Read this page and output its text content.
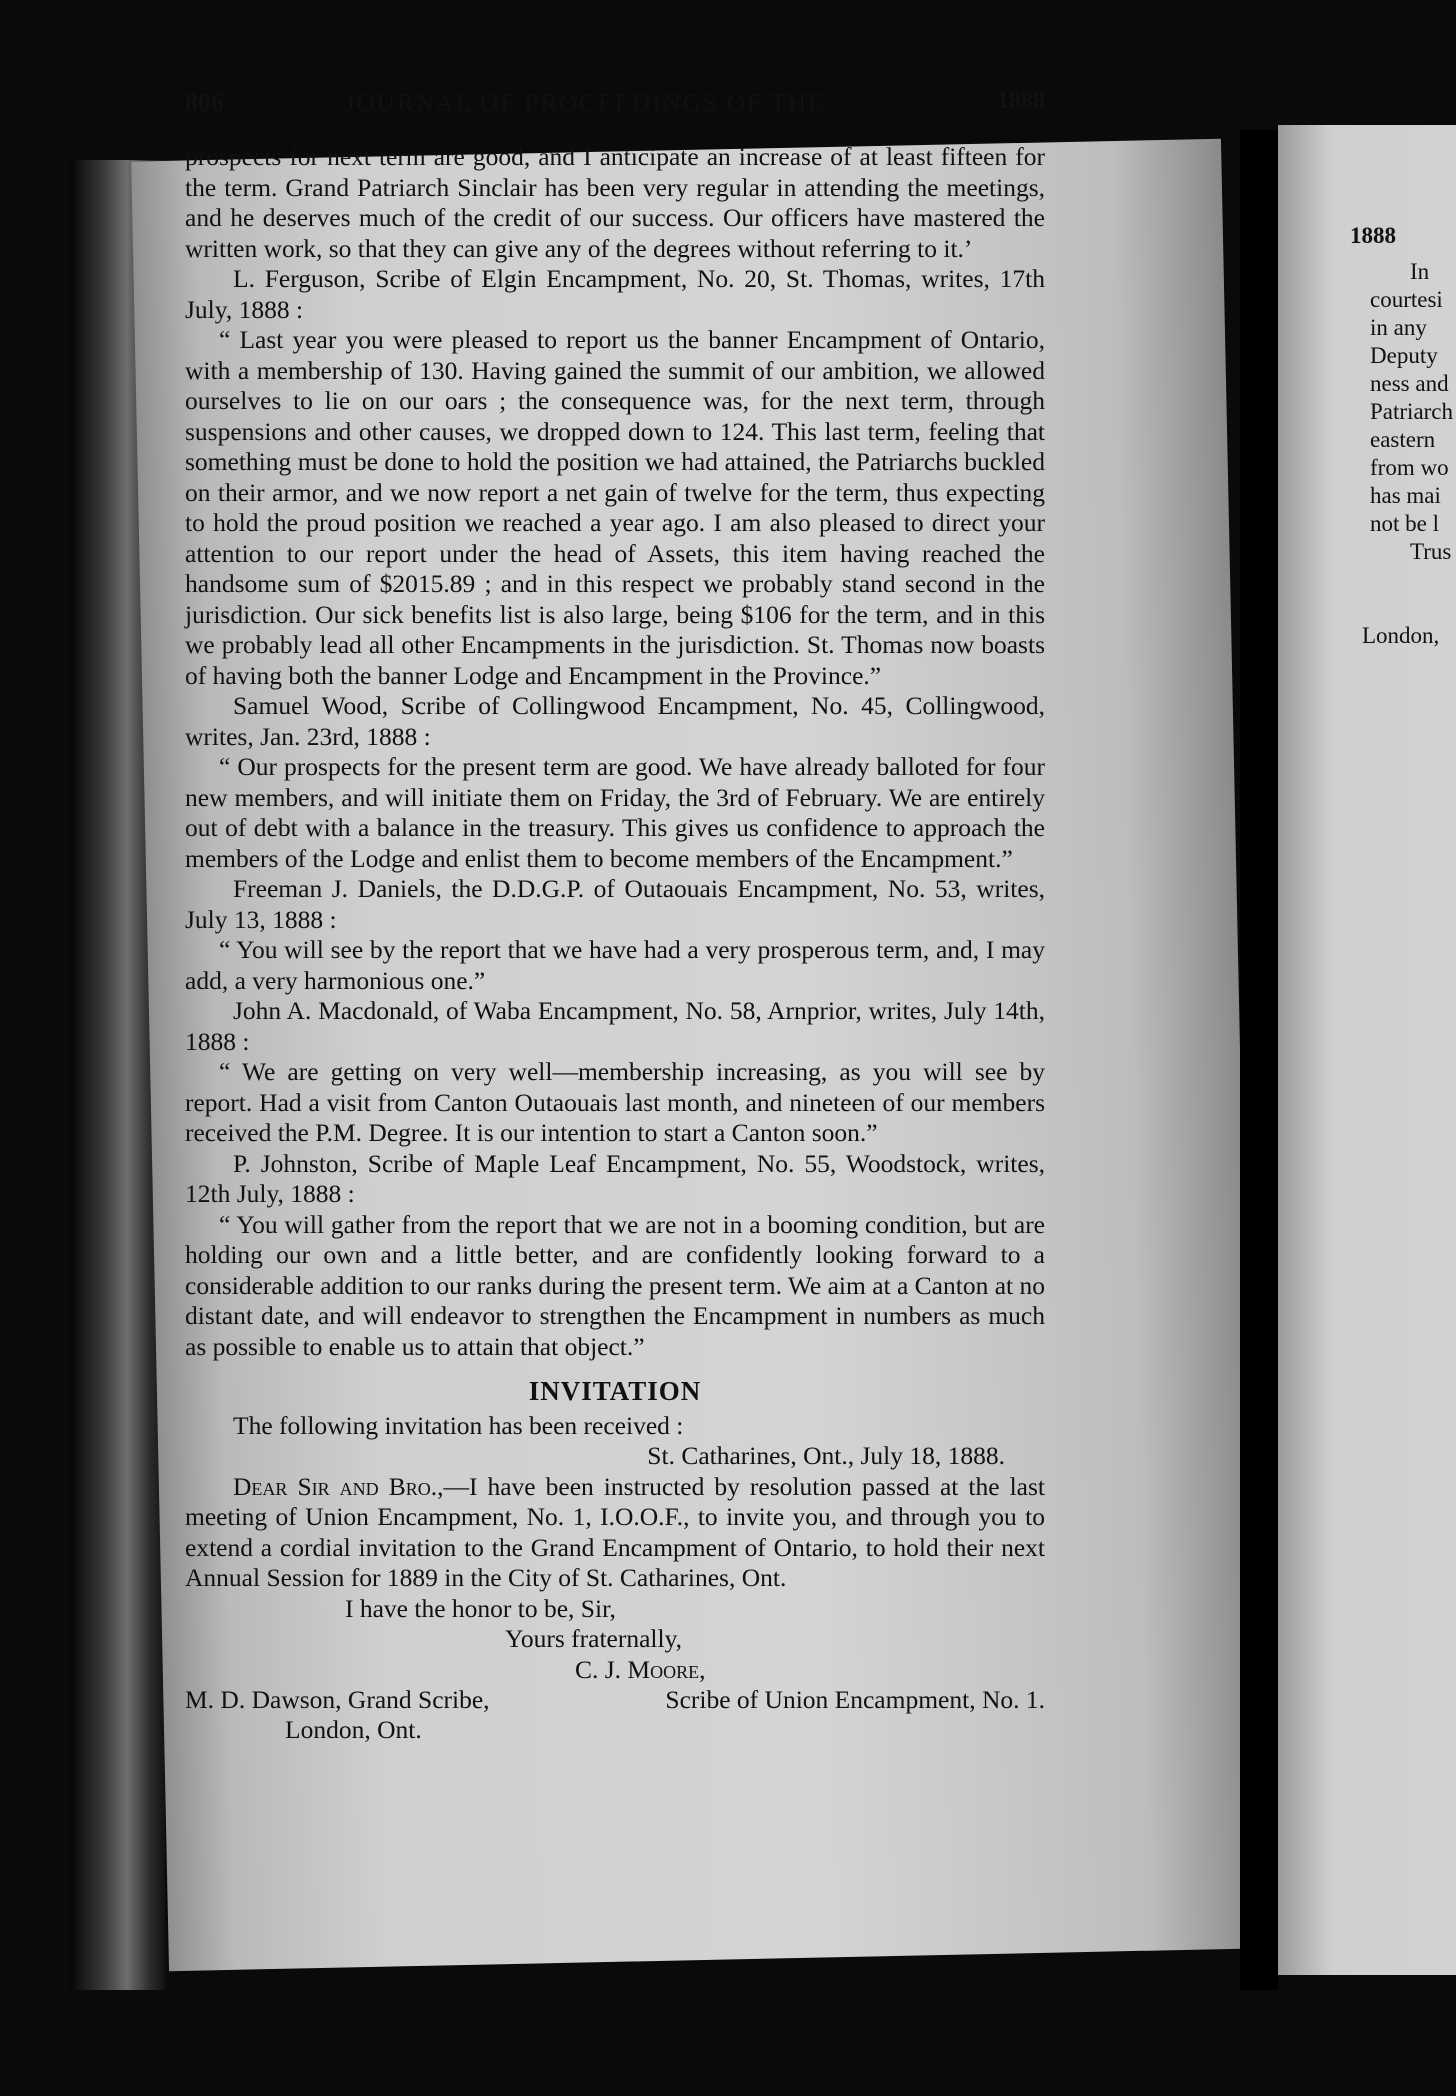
806	JOURNAL OF PROCEEDINGS OF THE	1888

prospects for next term are good, and I anticipate an increase of at least fifteen for the term. Grand Patriarch Sinclair has been very regular in attending the meetings, and he deserves much of the credit of our success. Our officers have mastered the written work, so that they can give any of the degrees without referring to it.’

L. Ferguson, Scribe of Elgin Encampment, No. 20, St. Thomas, writes, 17th July, 1888 :

“ Last year you were pleased to report us the banner Encampment of Ontario, with a membership of 130. Having gained the summit of our ambition, we allowed ourselves to lie on our oars ; the consequence was, for the next term, through suspensions and other causes, we dropped down to 124. This last term, feeling that something must be done to hold the position we had attained, the Patriarchs buckled on their armor, and we now report a net gain of twelve for the term, thus expecting to hold the proud position we reached a year ago. I am also pleased to direct your attention to our report under the head of Assets, this item having reached the handsome sum of $2015.89 ; and in this respect we probably stand second in the jurisdiction. Our sick benefits list is also large, being $106 for the term, and in this we probably lead all other Encampments in the jurisdiction. St. Thomas now boasts of having both the banner Lodge and Encampment in the Province.”

Samuel Wood, Scribe of Collingwood Encampment, No. 45, Collingwood, writes, Jan. 23rd, 1888 :

“ Our prospects for the present term are good. We have already balloted for four new members, and will initiate them on Friday, the 3rd of February. We are entirely out of debt with a balance in the treasury. This gives us confidence to approach the members of the Lodge and enlist them to become members of the Encampment.”

Freeman J. Daniels, the D.D.G.P. of Outaouais Encampment, No. 53, writes, July 13, 1888 :

“ You will see by the report that we have had a very prosperous term, and, I may add, a very harmonious one.”

John A. Macdonald, of Waba Encampment, No. 58, Arnprior, writes, July 14th, 1888 :

“ We are getting on very well—membership increasing, as you will see by report. Had a visit from Canton Outaouais last month, and nineteen of our members received the P.M. Degree. It is our intention to start a Canton soon.”

P. Johnston, Scribe of Maple Leaf Encampment, No. 55, Woodstock, writes, 12th July, 1888 :

“ You will gather from the report that we are not in a booming condition, but are holding our own and a little better, and are confidently looking forward to a considerable addition to our ranks during the present term. We aim at a Canton at no distant date, and will endeavor to strengthen the Encampment in numbers as much as possible to enable us to attain that object.”

INVITATION

The following invitation has been received :

St. Catharines, Ont., July 18, 1888.

Dear Sir and Bro.,—I have been instructed by resolution passed at the last meeting of Union Encampment, No. 1, I.O.O.F., to invite you, and through you to extend a cordial invitation to the Grand Encampment of Ontario, to hold their next Annual Session for 1889 in the City of St. Catharines, Ont.

I have the honor to be, Sir,

Yours fraternally,

C. J. Moore,

M. D. Dawson, Grand Scribe,
London, Ont.
Scribe of Union Encampment, No. 1.
1888
In
courtesi
in any
Deputy
ness and
Patriarch
eastern
from wo
has mai
not be l
Trus
London,
